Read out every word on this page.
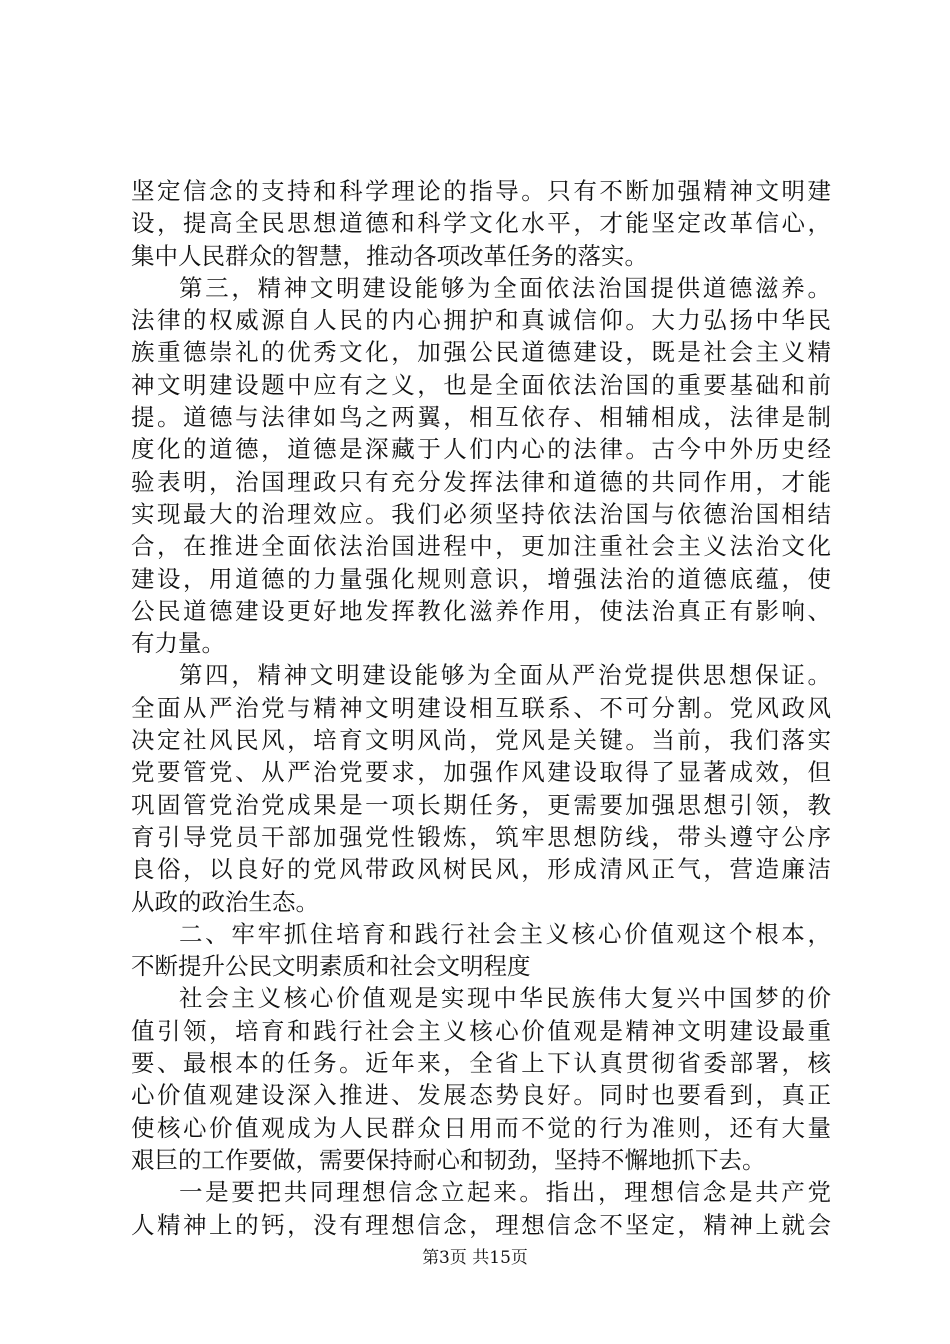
坚定信念的支持和科学理论的指导。只有不断加强精神文明建
设，提高全民思想道德和科学文化水平，才能坚定改革信心，
集中人民群众的智慧，推动各项改革任务的落实。
第三，精神文明建设能够为全面依法治国提供道德滋养。
法律的权威源自人民的内心拥护和真诚信仰。大力弘扬中华民
族重德崇礼的优秀文化，加强公民道德建设，既是社会主义精
神文明建设题中应有之义，也是全面依法治国的重要基础和前
提。道德与法律如鸟之两翼，相互依存、相辅相成，法律是制
度化的道德，道德是深藏于人们内心的法律。古今中外历史经
验表明，治国理政只有充分发挥法律和道德的共同作用，才能
实现最大的治理效应。我们必须坚持依法治国与依德治国相结
合，在推进全面依法治国进程中，更加注重社会主义法治文化
建设，用道德的力量强化规则意识，增强法治的道德底蕴，使
公民道德建设更好地发挥教化滋养作用，使法治真正有影响、
有力量。
第四，精神文明建设能够为全面从严治党提供思想保证。
全面从严治党与精神文明建设相互联系、不可分割。党风政风
决定社风民风，培育文明风尚，党风是关键。当前，我们落实
党要管党、从严治党要求，加强作风建设取得了显著成效，但
巩固管党治党成果是一项长期任务，更需要加强思想引领，教
育引导党员干部加强党性锻炼，筑牢思想防线，带头遵守公序
良俗，以良好的党风带政风树民风，形成清风正气，营造廉洁
从政的政治生态。
二、牢牢抓住培育和践行社会主义核心价值观这个根本，
不断提升公民文明素质和社会文明程度
社会主义核心价值观是实现中华民族伟大复兴中国梦的价
值引领，培育和践行社会主义核心价值观是精神文明建设最重
要、最根本的任务。近年来，全省上下认真贯彻省委部署，核
心价值观建设深入推进、发展态势良好。同时也要看到，真正
使核心价值观成为人民群众日用而不觉的行为准则，还有大量
艰巨的工作要做，需要保持耐心和韧劲，坚持不懈地抓下去。
一是要把共同理想信念立起来。指出，理想信念是共产党
人精神上的钙，没有理想信念，理想信念不坚定，精神上就会
第3页 共15页
